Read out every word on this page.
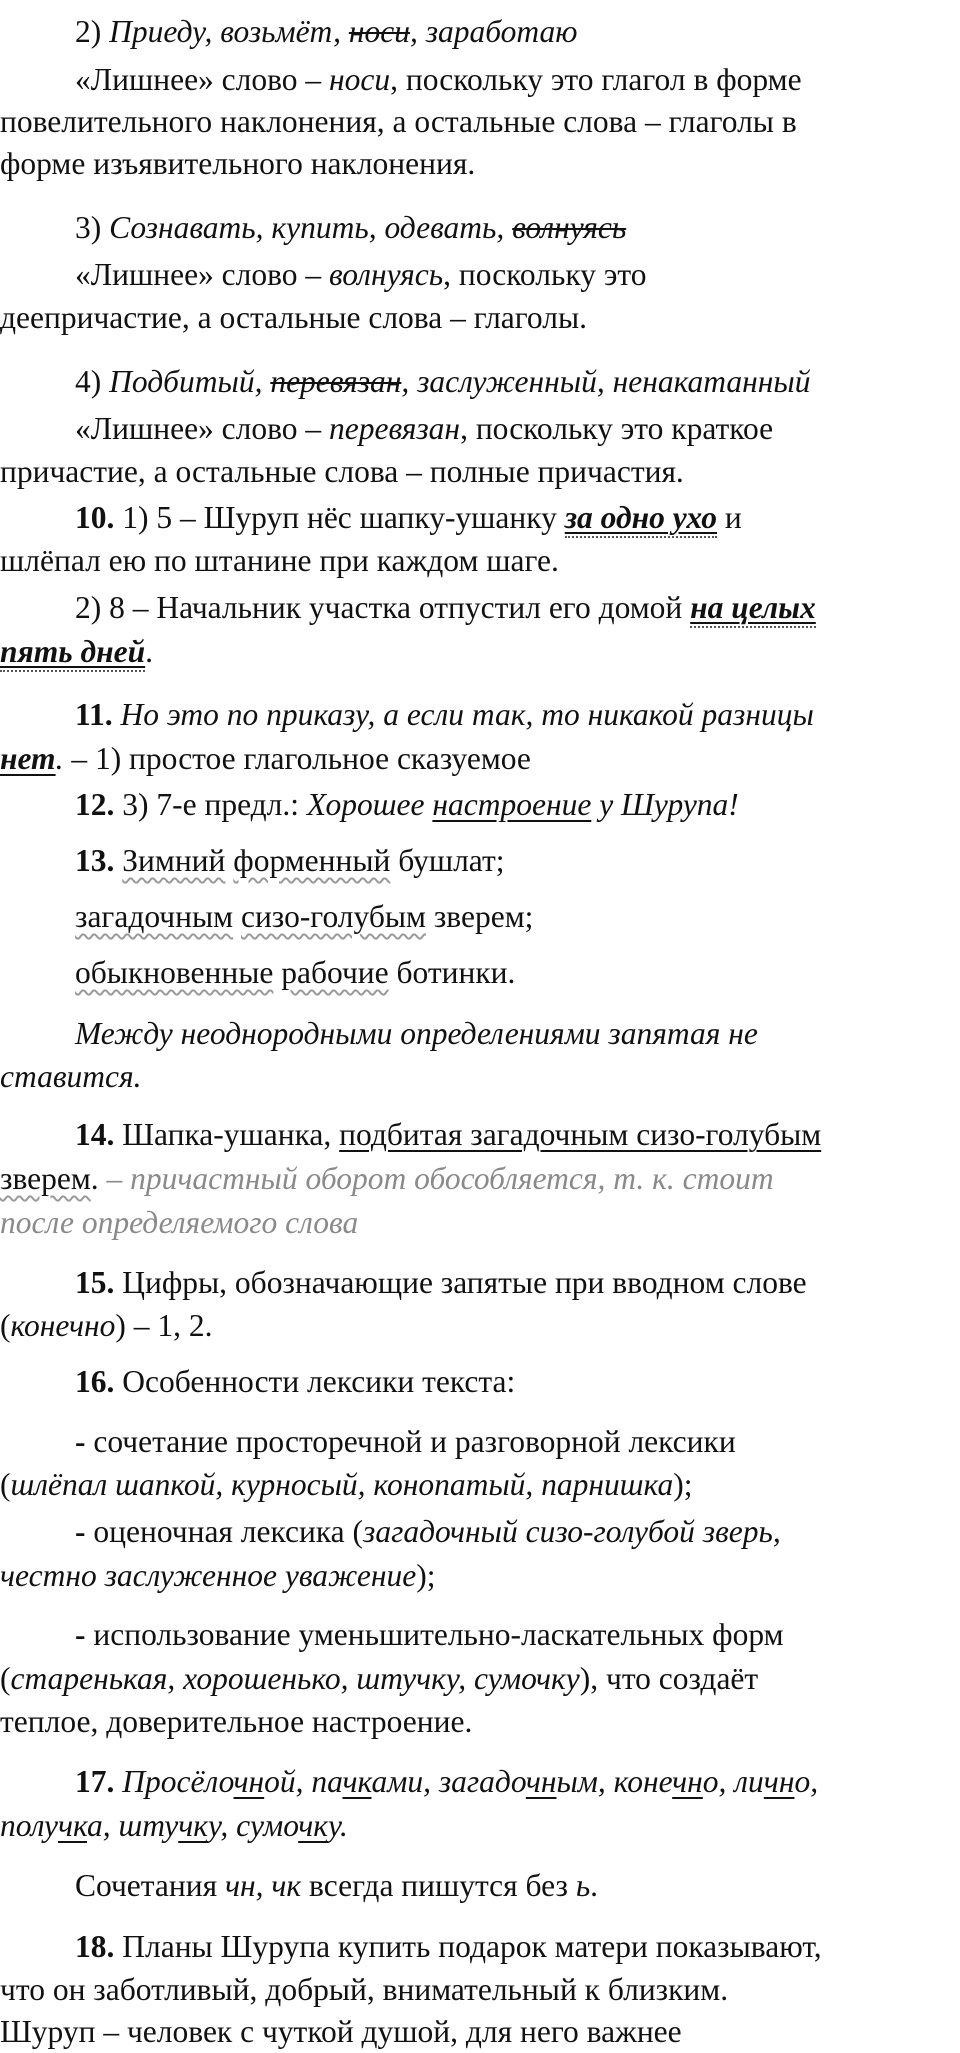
2) Приеду, возьмёт, носи, заработаю
«Лишнее» слово – носи, поскольку это глагол в форме
повелительного наклонения, а остальные слова – глаголы в
форме изъявительного наклонения.
3) Сознавать, купить, одевать, волнуясь
«Лишнее» слово – волнуясь, поскольку это
деепричастие, а остальные слова – глаголы.
4) Подбитый, перевязан, заслуженный, ненакатанный
«Лишнее» слово – перевязан, поскольку это краткое
причастие, а остальные слова – полные причастия.
10. 1) 5 – Шуруп нёс шапку-ушанку за одно ухо и
шлёпал ею по штанине при каждом шаге.
2) 8 – Начальник участка отпустил его домой на целых
пять дней.
11. Но это по приказу, а если так, то никакой разницы
нет. – 1) простое глагольное сказуемое
12. 3) 7-е предл.: Хорошее настроение у Шурупа!
13. Зимний форменный бушлат;
загадочным сизо-голубым зверем;
обыкновенные рабочие ботинки.
Между неоднородными определениями запятая не
ставится.
14. Шапка-ушанка, подбитая загадочным сизо-голубым
зверем. – причастный оборот обособляется, т. к. стоит
после определяемого слова
15. Цифры, обозначающие запятые при вводном слове
(конечно) – 1, 2.
16. Особенности лексики текста:
- сочетание просторечной и разговорной лексики
(шлёпал шапкой, курносый, конопатый, парнишка);
- оценочная лексика (загадочный сизо-голубой зверь,
честно заслуженное уважение);
- использование уменьшительно-ласкательных форм
(старенькая, хорошенько, штучку, сумочку), что создаёт
теплое, доверительное настроение.
17. Просёлочной, пачками, загадочным, конечно, лично,
получка, штучку, сумочку.
Сочетания чн, чк всегда пишутся без ь.
18. Планы Шурупа купить подарок матери показывают,
что он заботливый, добрый, внимательный к близким.
Шуруп – человек с чуткой душой, для него важнее
